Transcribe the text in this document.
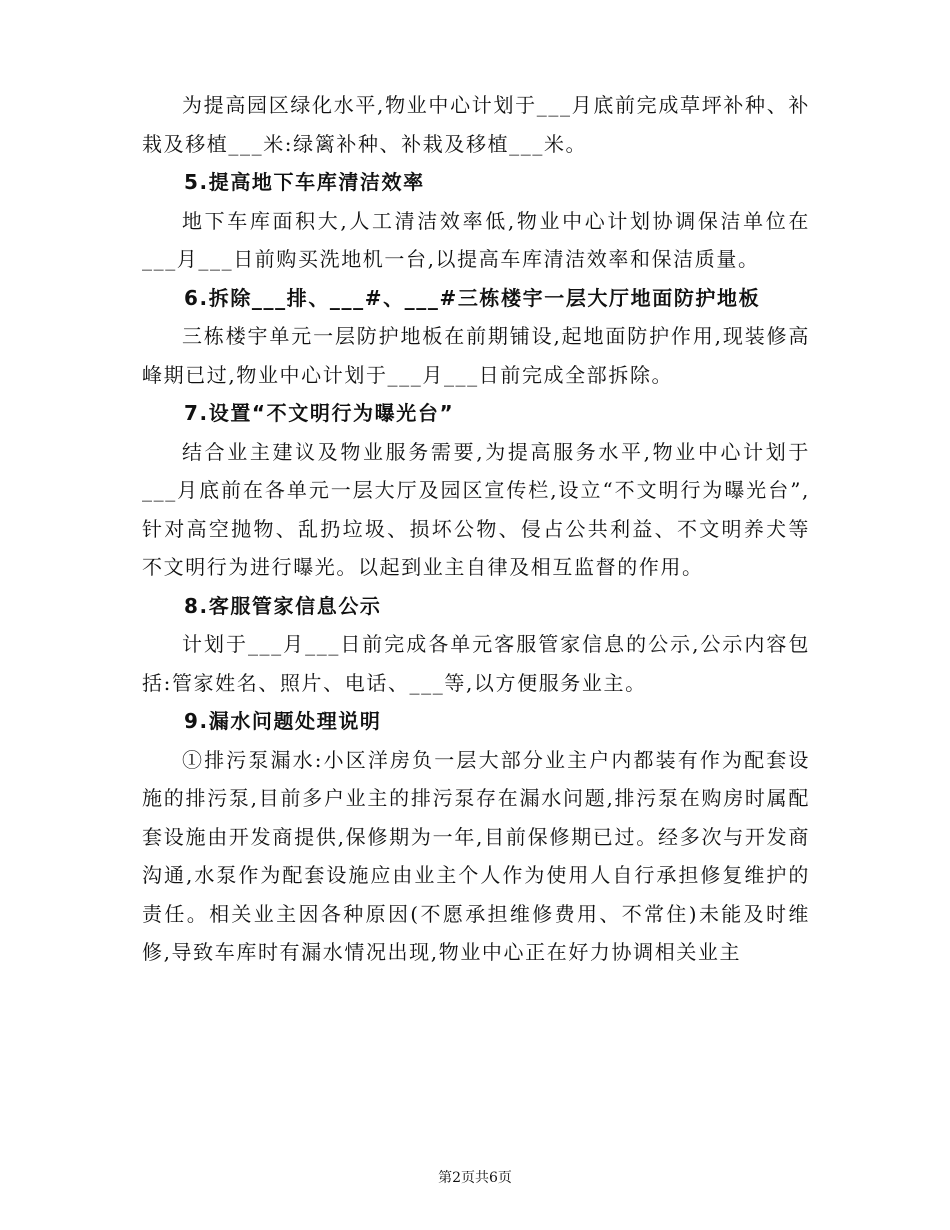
为提高园区绿化水平,物业中心计划于___月底前完成草坪补种、补栽及移植___米:绿篱补种、补栽及移植___米。

5.提高地下车库清洁效率

地下车库面积大,人工清洁效率低,物业中心计划协调保洁单位在___月___日前购买洗地机一台,以提高车库清洁效率和保洁质量。

6.拆除___排、___#、___#三栋楼宇一层大厅地面防护地板

三栋楼宇单元一层防护地板在前期铺设,起地面防护作用,现装修高峰期已过,物业中心计划于___月___日前完成全部拆除。

7.设置“不文明行为曝光台”

结合业主建议及物业服务需要,为提高服务水平,物业中心计划于___月底前在各单元一层大厅及园区宣传栏,设立“不文明行为曝光台”,针对高空抛物、乱扔垃圾、损坏公物、侵占公共利益、不文明养犬等不文明行为进行曝光。以起到业主自律及相互监督的作用。

8.客服管家信息公示

计划于___月___日前完成各单元客服管家信息的公示,公示内容包括:管家姓名、照片、电话、___等,以方便服务业主。

9.漏水问题处理说明

①排污泵漏水:小区洋房负一层大部分业主户内都装有作为配套设施的排污泵,目前多户业主的排污泵存在漏水问题,排污泵在购房时属配套设施由开发商提供,保修期为一年,目前保修期已过。经多次与开发商沟通,水泵作为配套设施应由业主个人作为使用人自行承担修复维护的责任。相关业主因各种原因(不愿承担维修费用、不常住)未能及时维修,导致车库时有漏水情况出现,物业中心正在好力协调相关业主

第2页共6页
